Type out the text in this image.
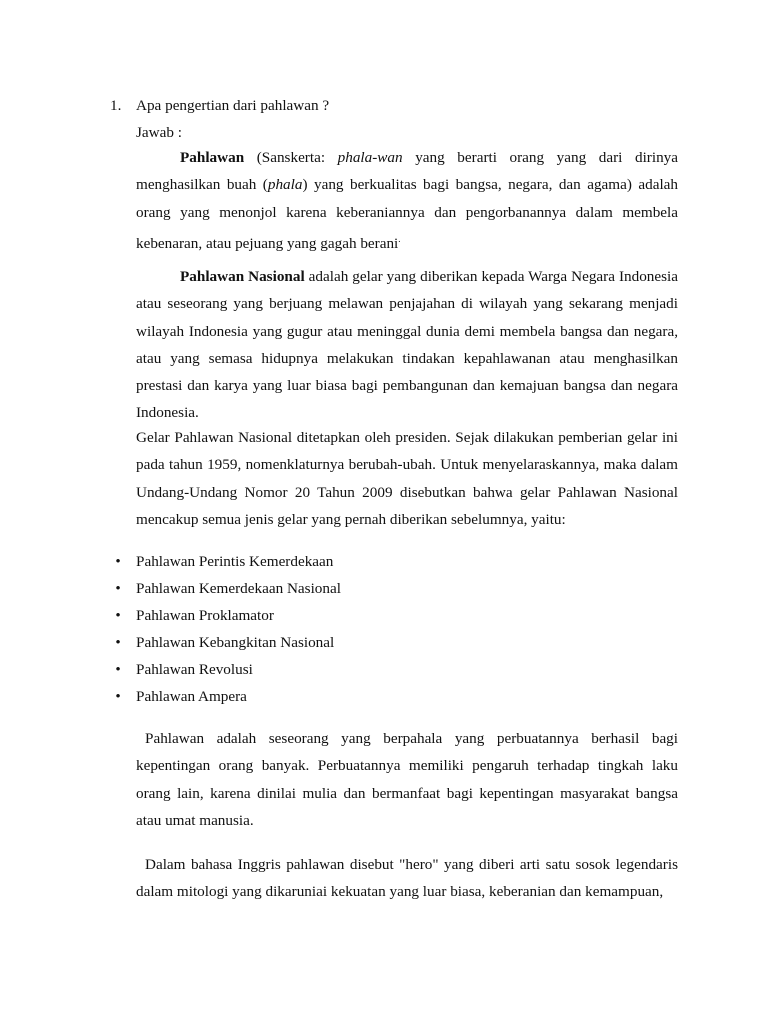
1. Apa pengertian dari pahlawan ?
Jawab :
Pahlawan (Sanskerta: phala-wan yang berarti orang yang dari dirinya menghasilkan buah (phala) yang berkualitas bagi bangsa, negara, dan agama) adalah orang yang menonjol karena keberaniannya dan pengorbanannya dalam membela kebenaran, atau pejuang yang gagah berani.
Pahlawan Nasional adalah gelar yang diberikan kepada Warga Negara Indonesia atau seseorang yang berjuang melawan penjajahan di wilayah yang sekarang menjadi wilayah Indonesia yang gugur atau meninggal dunia demi membela bangsa dan negara, atau yang semasa hidupnya melakukan tindakan kepahlawanan atau menghasilkan prestasi dan karya yang luar biasa bagi pembangunan dan kemajuan bangsa dan negara Indonesia.
Gelar Pahlawan Nasional ditetapkan oleh presiden. Sejak dilakukan pemberian gelar ini pada tahun 1959, nomenklaturnya berubah-ubah. Untuk menyelaraskannya, maka dalam Undang-Undang Nomor 20 Tahun 2009 disebutkan bahwa gelar Pahlawan Nasional mencakup semua jenis gelar yang pernah diberikan sebelumnya, yaitu:
• Pahlawan Perintis Kemerdekaan
• Pahlawan Kemerdekaan Nasional
• Pahlawan Proklamator
• Pahlawan Kebangkitan Nasional
• Pahlawan Revolusi
• Pahlawan Ampera
Pahlawan adalah seseorang yang berpahala yang perbuatannya berhasil bagi kepentingan orang banyak. Perbuatannya memiliki pengaruh terhadap tingkah laku orang lain, karena dinilai mulia dan bermanfaat bagi kepentingan masyarakat bangsa atau umat manusia.
Dalam bahasa Inggris pahlawan disebut "hero" yang diberi arti satu sosok legendaris dalam mitologi yang dikaruniai kekuatan yang luar biasa, keberanian dan kemampuan,
